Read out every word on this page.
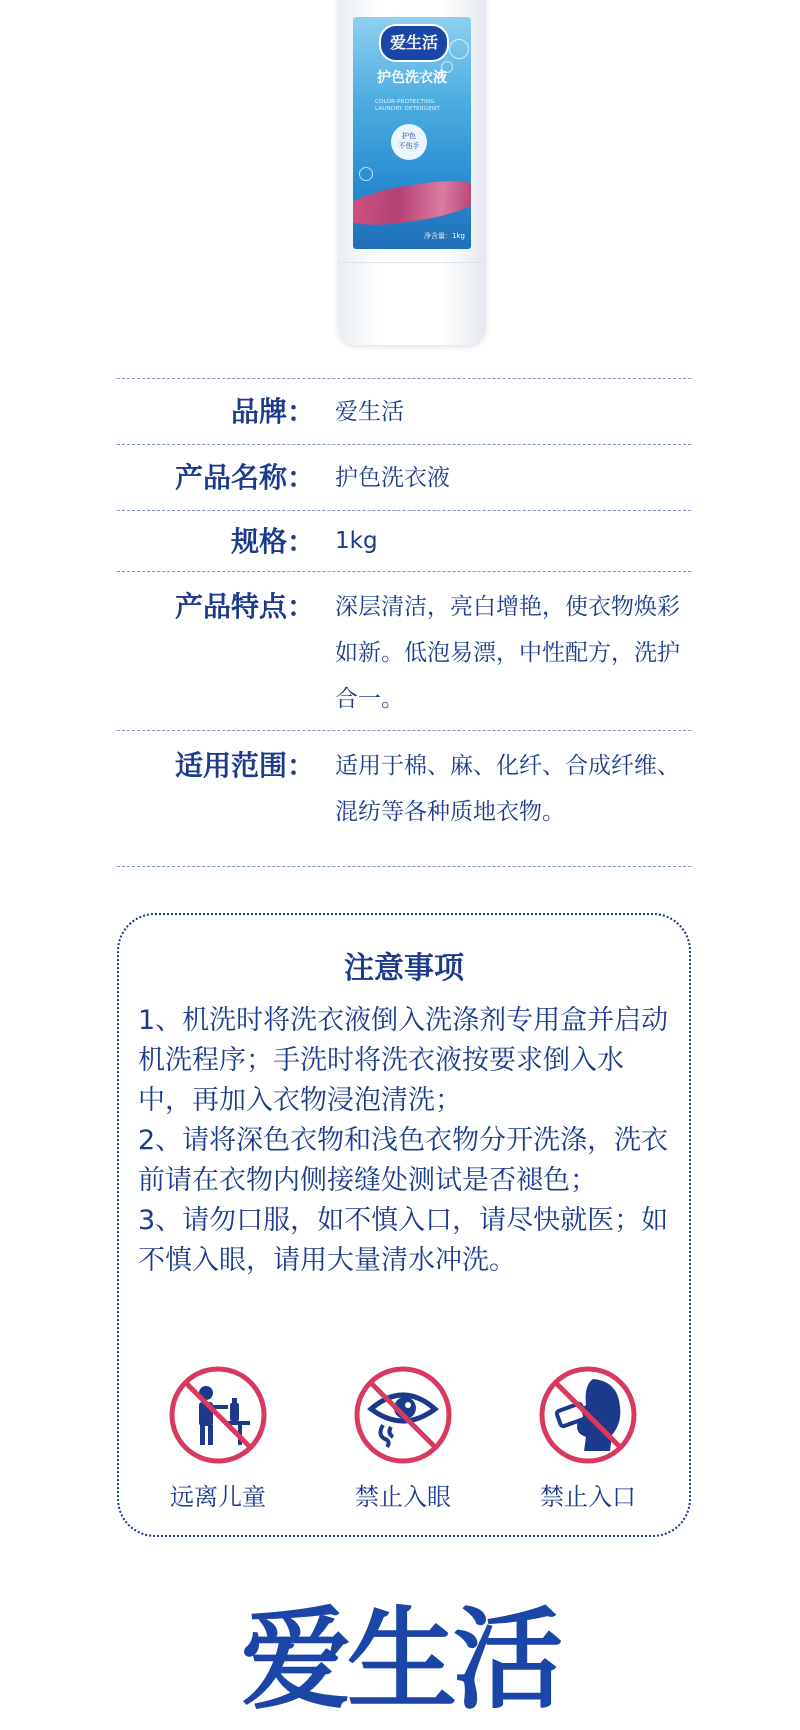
爱生活
护色洗衣液
COLOR-PROTECTING
LAUNDRY DETERGENT
护色
不伤手
净含量：1kg
品牌： 爱生活
产品名称： 护色洗衣液
规格： 1kg
产品特点： 深层清洁，亮白增艳，使衣物焕彩如新。低泡易漂，中性配方，洗护合一。
适用范围： 适用于棉、麻、化纤、合成纤维、混纺等各种质地衣物。
注意事项

1、机洗时将洗衣液倒入洗涤剂专用盒并启动机洗程序；手洗时将洗衣液按要求倒入水中，再加入衣物浸泡清洗；

2、请将深色衣物和浅色衣物分开洗涤，洗衣前请在衣物内侧接缝处测试是否褪色；

3、请勿口服，如不慎入口，请尽快就医；如不慎入眼，请用大量清水冲洗。

远离儿童	禁止入眼	禁止入口
爱生活
